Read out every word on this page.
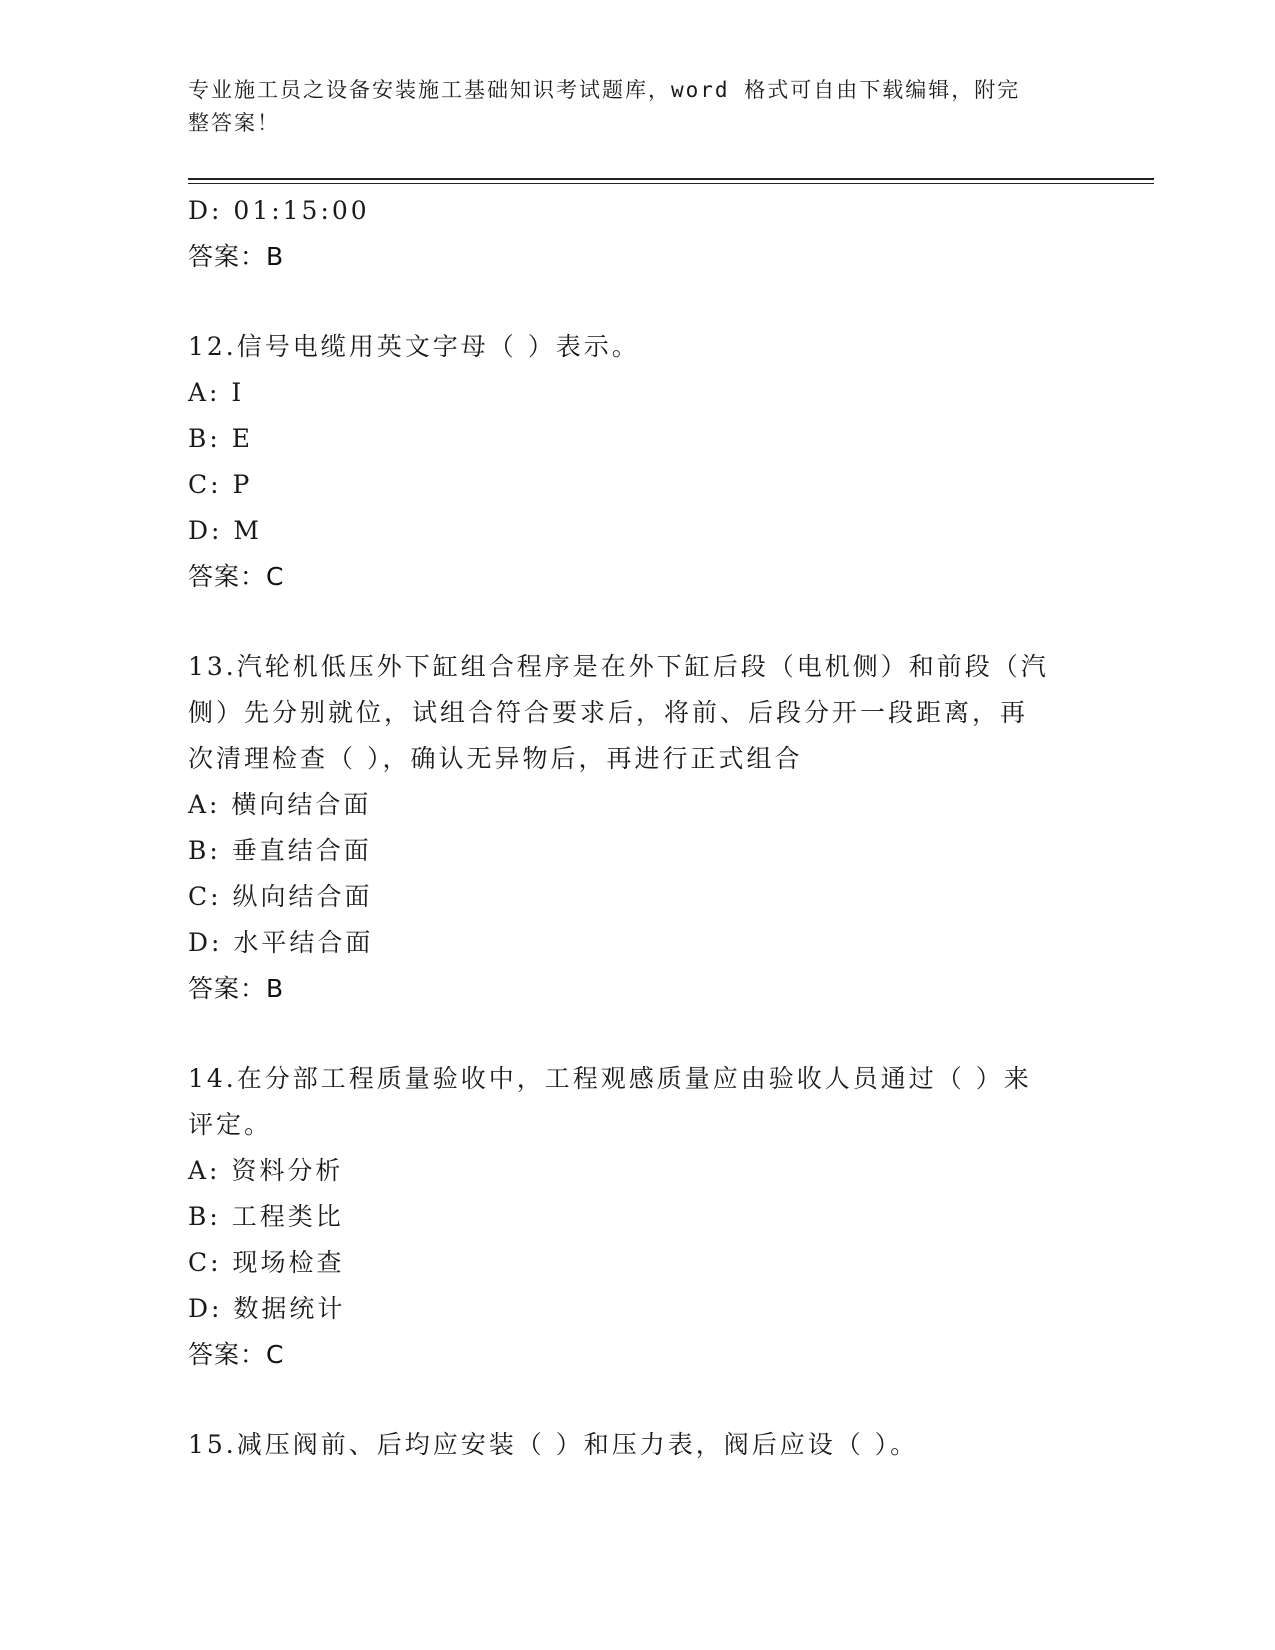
专业施工员之设备安装施工基础知识考试题库，word 格式可自由下载编辑，附完
整答案！
D: 01:15:00
答案：B
12.信号电缆用英文字母（ ）表示。
A: I
B: E
C: P
D: M
答案：C
13.汽轮机低压外下缸组合程序是在外下缸后段（电机侧）和前段（汽
侧）先分别就位，试组合符合要求后，将前、后段分开一段距离，再
次清理检查（ ），确认无异物后，再进行正式组合
A: 横向结合面
B: 垂直结合面
C: 纵向结合面
D: 水平结合面
答案：B
14.在分部工程质量验收中，工程观感质量应由验收人员通过（ ）来
评定。
A: 资料分析
B: 工程类比
C: 现场检查
D: 数据统计
答案：C
15.减压阀前、后均应安装（ ）和压力表，阀后应设（ ）。
